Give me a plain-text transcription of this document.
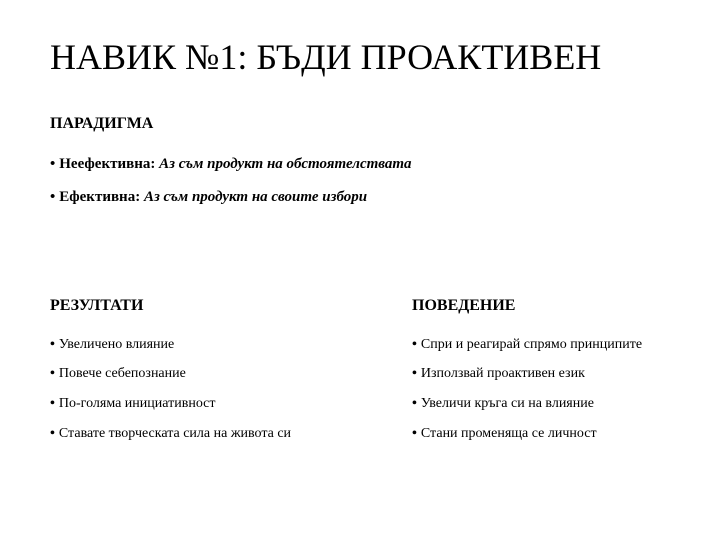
НАВИК №1: БЪДИ ПРОАКТИВЕН
ПАРАДИГМА
• Неефективна: Аз съм продукт на обстоятелствата
• Ефективна: Аз съм продукт на своите избори
РЕЗУЛТАТИ
• Увеличено влияние
• Повече себепознание
• По-голяма инициативност
• Ставате творческата сила на живота си
ПОВЕДЕНИЕ
• Спри и реагирай спрямо принципите
• Използвай проактивен език
• Увеличи кръга си на влияние
• Стани променяща се личност
